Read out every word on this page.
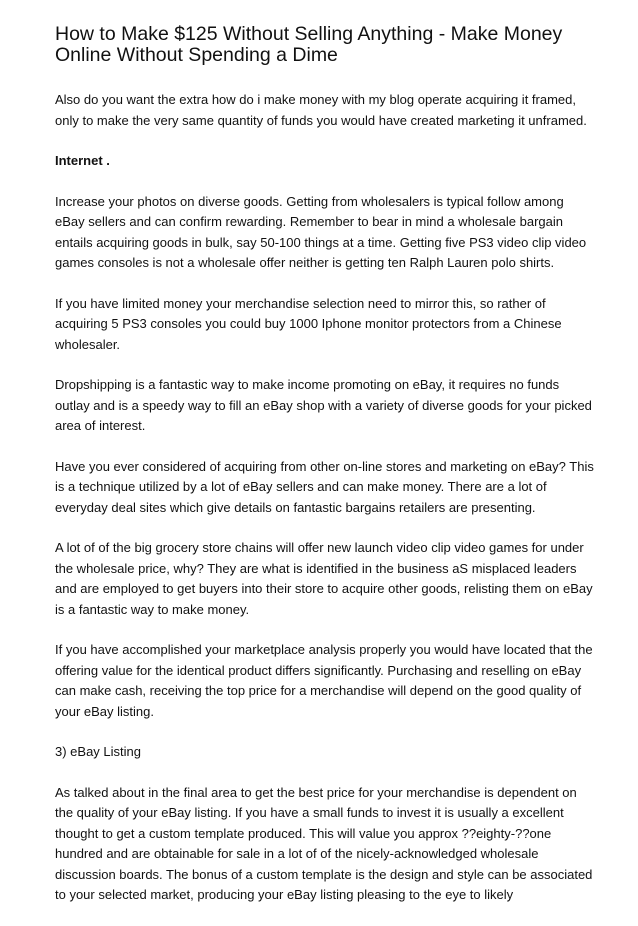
How to Make $125 Without Selling Anything - Make Money Online Without Spending a Dime

Also do you want the extra how do i make money with my blog operate acquiring it framed, only to make the very same quantity of funds you would have created marketing it unframed.

Internet .

Increase your photos on diverse goods. Getting from wholesalers is typical follow among eBay sellers and can confirm rewarding. Remember to bear in mind a wholesale bargain entails acquiring goods in bulk, say 50-100 things at a time. Getting five PS3 video clip video games consoles is not a wholesale offer neither is getting ten Ralph Lauren polo shirts.

If you have limited money your merchandise selection need to mirror this, so rather of acquiring 5 PS3 consoles you could buy 1000 Iphone monitor protectors from a Chinese wholesaler.

Dropshipping is a fantastic way to make income promoting on eBay, it requires no funds outlay and is a speedy way to fill an eBay shop with a variety of diverse goods for your picked area of interest.

Have you ever considered of acquiring from other on-line stores and marketing on eBay? This is a technique utilized by a lot of eBay sellers and can make money. There are a lot of everyday deal sites which give details on fantastic bargains retailers are presenting.

A lot of of the big grocery store chains will offer new launch video clip video games for under the wholesale price, why? They are what is identified in the business aS misplaced leaders and are employed to get buyers into their store to acquire other goods, relisting them on eBay is a fantastic way to make money.

If you have accomplished your marketplace analysis properly you would have located that the offering value for the identical product differs significantly. Purchasing and reselling on eBay can make cash, receiving the top price for a merchandise will depend on the good quality of your eBay listing.

3) eBay Listing

As talked about in the final area to get the best price for your merchandise is dependent on the quality of your eBay listing. If you have a small funds to invest it is usually a excellent thought to get a custom template produced. This will value you approx ??eighty-??one hundred and are obtainable for sale in a lot of of the nicely-acknowledged wholesale discussion boards. The bonus of a custom template is the design and style can be associated to your selected market, producing your eBay listing pleasing to the eye to likely
